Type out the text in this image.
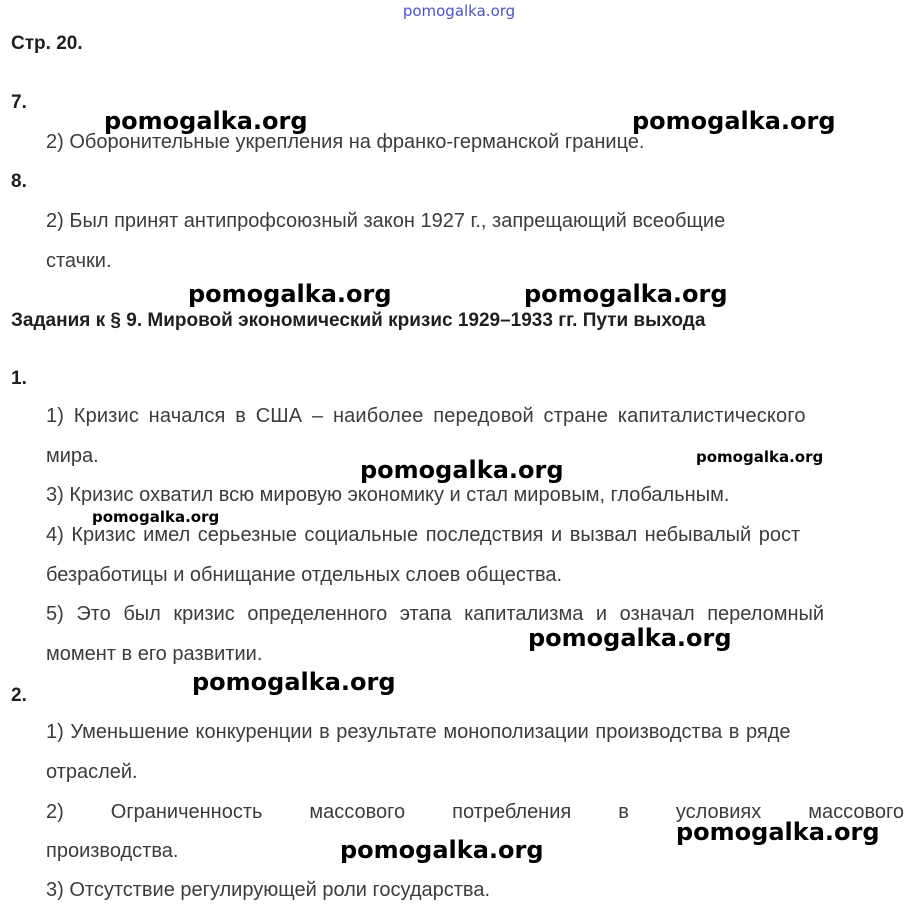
pomogalka.org
Стр. 20.
7.
2) Оборонительные укрепления на франко-германской границе.
8.
2) Был принят антипрофсоюзный закон 1927 г., запрещающий всеобщие
стачки.
Задания к § 9. Мировой экономический кризис 1929–1933 гг. Пути выхода
1.
1) Кризис начался в США – наиболее передовой стране капиталистического
мира.
3) Кризис охватил всю мировую экономику и стал мировым, глобальным.
4) Кризис имел серьезные социальные последствия и вызвал небывалый рост
безработицы и обнищание отдельных слоев общества.
5) Это был кризис определенного этапа капитализма и означал переломный
момент в его развитии.
2.
1) Уменьшение конкуренции в результате монополизации производства в ряде
отраслей.
2) Ограниченность массового потребления в условиях массового
производства.
3) Отсутствие регулирующей роли государства.
pomogalka.org	pomogalka.org
pomogalka.org	pomogalka.org
pomogalka.org	pomogalka.org
pomogalka.org
pomogalka.org
pomogalka.org
pomogalka.org
pomogalka.org
